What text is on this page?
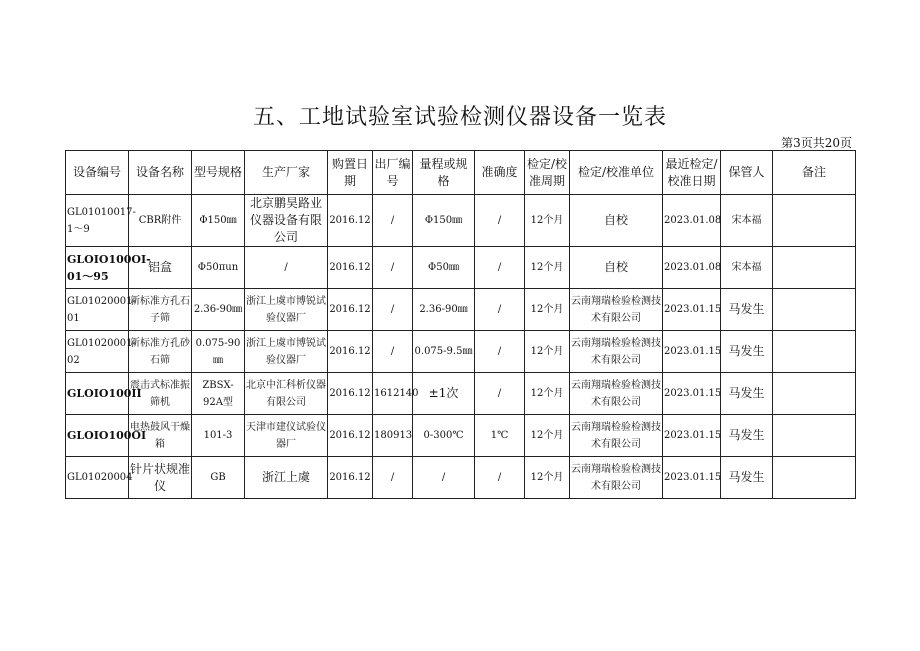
五、工地试验室试验检测仪器设备一览表
第3页共20页
设备编号	设备名称	型号规格	生产厂家	购置日期	出厂编号	量程或规格	准确度	检定/校准周期	检定/校准单位	最近检定/校准日期	保管人	备注
GL01010017-1～9	CBR附件	Φ150㎜	北京鹏昊路业仪器设备有限公司	2016.12	/	Φ150㎜	/	12个月	自校	2023.01.08	宋本福	
GLOIO100OI-01～95	铝盒	Φ50πun	/	2016.12	/	Φ50㎜	/	12个月	自校	2023.01.08	宋本福	
GL01020001-01	新标准方孔石子筛	2.36-90㎜	浙江上虞市博锐试验仪器厂	2016.12	/	2.36-90㎜	/	12个月	云南翔瑞检验检测技术有限公司	2023.01.15	马发生	
GL01020001-02	新标准方孔砂石筛	0.075-90㎜	浙江上虞市博锐试验仪器厂	2016.12	/	0.075-9.5㎜	/	12个月	云南翔瑞检验检测技术有限公司	2023.01.15	马发生	
GLOIO100II	震击式标准振筛机	ZBSX-92A型	北京中汇科析仪器有限公司	2016.12	1612140	±1次	/	12个月	云南翔瑞检验检测技术有限公司	2023.01.15	马发生	
GLOIO100OI	电热鼓风干燥箱	101-3	天津市建仪试验仪器厂	2016.12	180913	0-300℃	1℃	12个月	云南翔瑞检验检测技术有限公司	2023.01.15	马发生	
GL01020004	针片状规准仪	GB	浙江上虞	2016.12	/	/	/	12个月	云南翔瑞检验检测技术有限公司	2023.01.15	马发生	
